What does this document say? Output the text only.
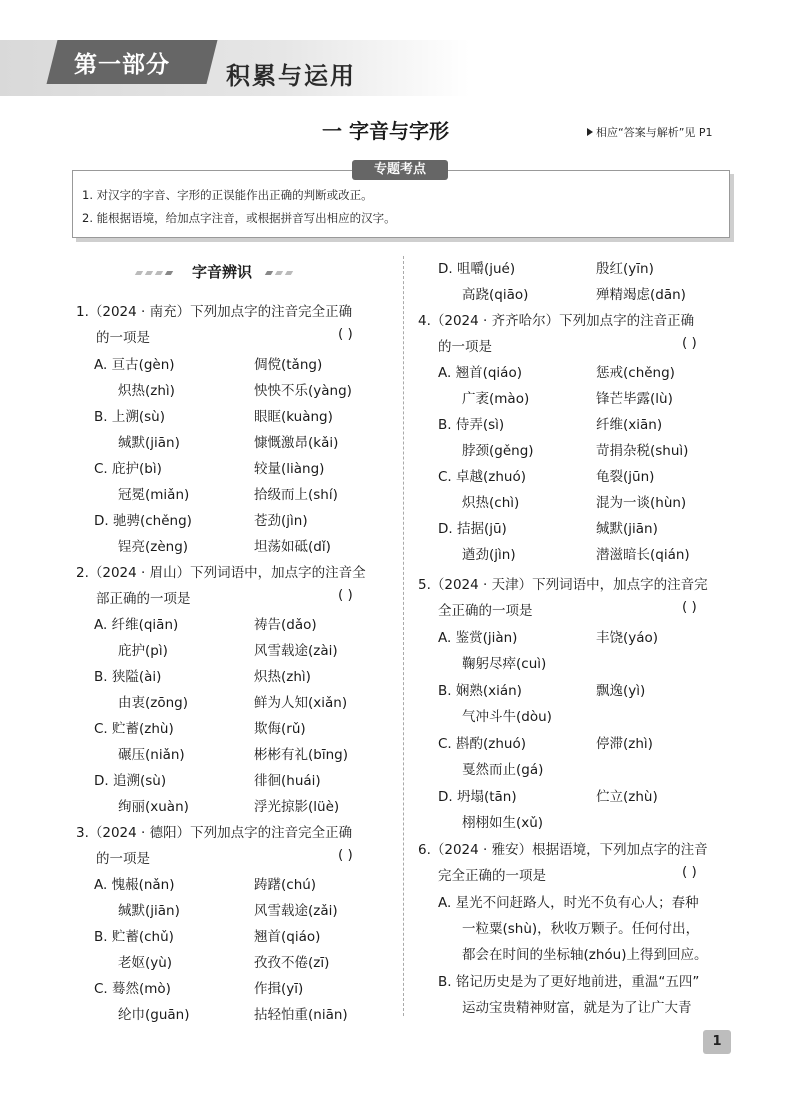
第一部分 积累与运用
一 字音与字形	相应“答案与解析”见 P1
专题考点
1. 对汉字的字音、字形的正误能作出正确的判断或改正。
2. 能根据语境，给加点字注音，或根据拼音写出相应的汉字。
字音辨识
1.（2024 · 南充）下列加点字的注音完全正确
的一项是	( )
A. 亘古(gèn)	倜傥(tǎng)
炽热(zhì)	怏怏不乐(yàng)
B. 上溯(sù)	眼眶(kuàng)
缄默(jiān)	慷慨激昂(kǎi)
C. 庇护(bì)	较量(liàng)
冠冕(miǎn)	拾级而上(shí)
D. 驰骋(chěng)	苍劲(jìn)
锃亮(zèng)	坦荡如砥(dǐ)
2.（2024 · 眉山）下列词语中，加点字的注音全
部正确的一项是	( )
A. 纤维(qiān)	祷告(dǎo)
庇护(pì)	风雪载途(zài)
B. 狭隘(ài)	炽热(zhì)
由衷(zōng)	鲜为人知(xiǎn)
C. 贮蓄(zhù)	欺侮(rǔ)
碾压(niǎn)	彬彬有礼(bīng)
D. 追溯(sù)	徘徊(huái)
绚丽(xuàn)	浮光掠影(lüè)
3.（2024 · 德阳）下列加点字的注音完全正确
的一项是	( )
A. 愧赧(nǎn)	踌躇(chú)
缄默(jiān)	风雪载途(zǎi)
B. 贮蓄(chǔ)	翘首(qiáo)
老妪(yù)	孜孜不倦(zī)
C. 蓦然(mò)	作揖(yī)
纶巾(guān)	拈轻怕重(niān)
D. 咀嚼(jué)	殷红(yīn)
高跷(qiāo)	殚精竭虑(dān)
4.（2024 · 齐齐哈尔）下列加点字的注音正确
的一项是	( )
A. 翘首(qiáo)	惩戒(chěng)
广袤(mào)	锋芒毕露(lù)
B. 侍弄(sì)	纤维(xiān)
脖颈(gěng)	苛捐杂税(shuì)
C. 卓越(zhuó)	龟裂(jūn)
炽热(chì)	混为一谈(hùn)
D. 拮据(jū)	缄默(jiān)
遒劲(jìn)	潜滋暗长(qián)
5.（2024 · 天津）下列词语中，加点字的注音完
全正确的一项是	( )
A. 鉴赏(jiàn)	丰饶(yáo)
鞠躬尽瘁(cuì)
B. 娴熟(xián)	飘逸(yì)
气冲斗牛(dòu)
C. 斟酌(zhuó)	停滞(zhì)
戛然而止(gá)
D. 坍塌(tān)	伫立(zhù)
栩栩如生(xǔ)
6.（2024 · 雅安）根据语境，下列加点字的注音
完全正确的一项是	( )
A. 星光不问赶路人，时光不负有心人；春种
一粒粟(shù)，秋收万颗子。任何付出，
都会在时间的坐标轴(zhóu)上得到回应。
B. 铭记历史是为了更好地前进，重温“五四”
运动宝贵精神财富，就是为了让广大青
1
